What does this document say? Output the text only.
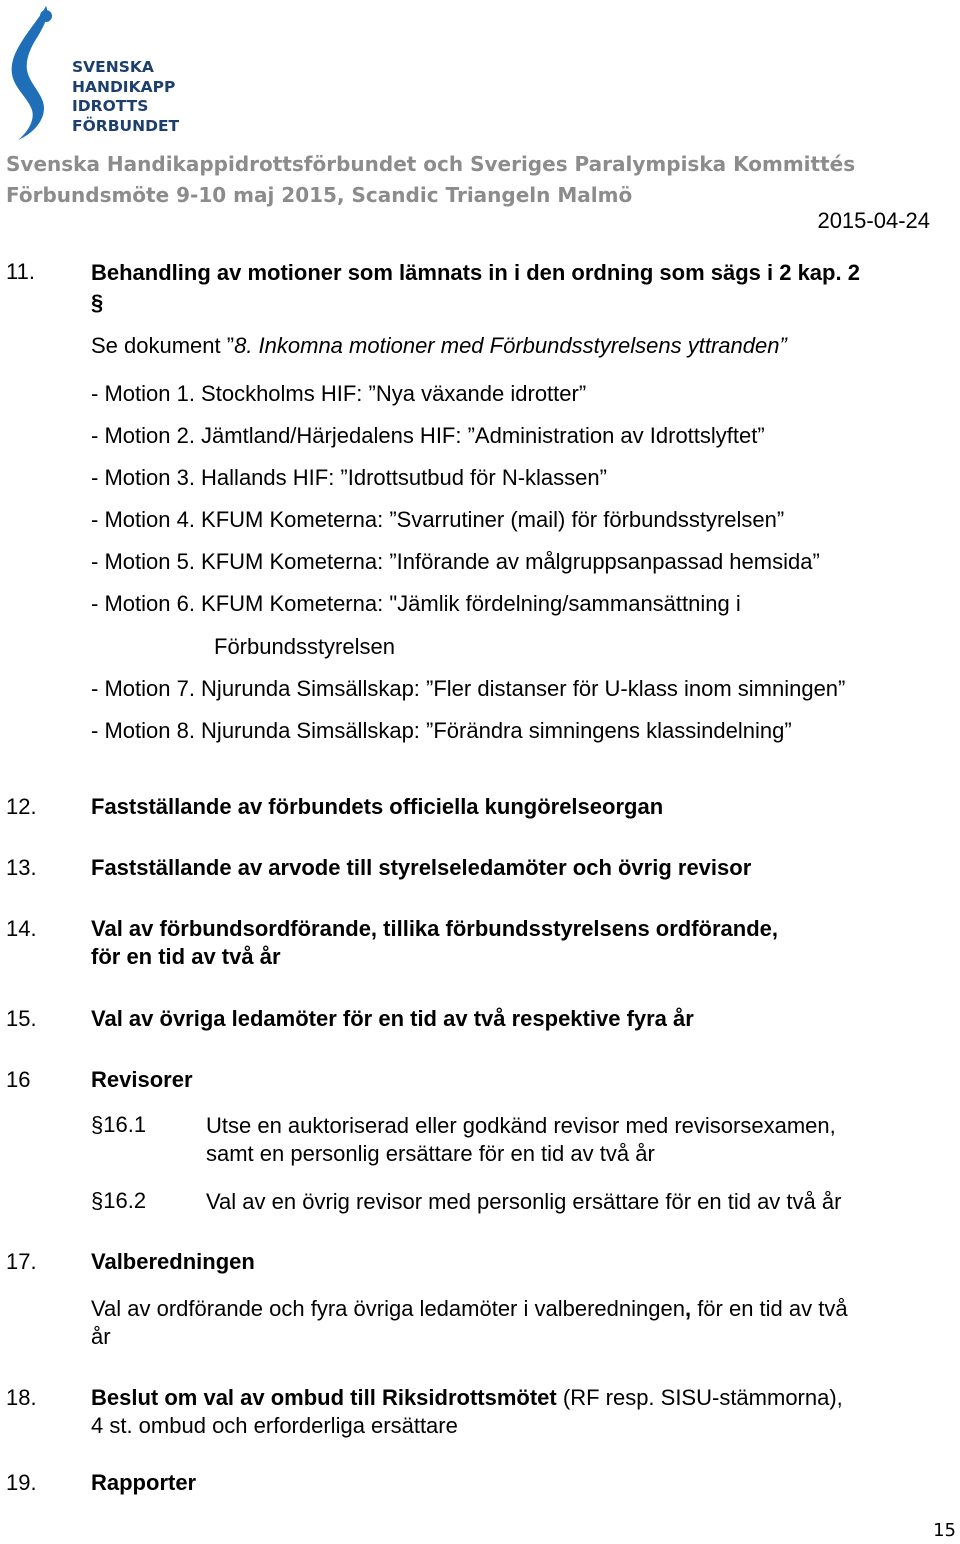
SVENSKA
HANDIKAPP
IDROTTS
FÖRBUNDET
Svenska Handikappidrottsförbundet och Sveriges Paralympiska Kommittés
Förbundsmöte 9-10 maj 2015, Scandic Triangeln Malmö
2015-04-24
11.	Behandling av motioner som lämnats in i den ordning som sägs i 2 kap. 2
§
Se dokument ”8. Inkomna motioner med Förbundsstyrelsens yttranden”
- Motion 1. Stockholms HIF: ”Nya växande idrotter”
- Motion 2. Jämtland/Härjedalens HIF: ”Administration av Idrottslyftet”
- Motion 3. Hallands HIF: ”Idrottsutbud för N-klassen”
- Motion 4. KFUM Kometerna: ”Svarrutiner (mail) för förbundsstyrelsen”
- Motion 5. KFUM Kometerna: ”Införande av målgruppsanpassad hemsida”
- Motion 6. KFUM Kometerna: "Jämlik fördelning/sammansättning i
Förbundsstyrelsen
- Motion 7. Njurunda Simsällskap: ”Fler distanser för U-klass inom simningen”
- Motion 8. Njurunda Simsällskap: ”Förändra simningens klassindelning”
12. Fastställande av förbundets officiella kungörelseorgan
13. Fastställande av arvode till styrelseledamöter och övrig revisor
14. Val av förbundsordförande, tillika förbundsstyrelsens ordförande,
för en tid av två år
15. Val av övriga ledamöter för en tid av två respektive fyra år
16	Revisorer
§16.1	Utse en auktoriserad eller godkänd revisor med revisorsexamen,
samt en personlig ersättare för en tid av två år
§16.2	Val av en övrig revisor med personlig ersättare för en tid av två år
17. Valberedningen
Val av ordförande och fyra övriga ledamöter i valberedningen, för en tid av två
år
18. Beslut om val av ombud till Riksidrottsmötet (RF resp. SISU-stämmorna),
4 st. ombud och erforderliga ersättare
19. Rapporter
15
